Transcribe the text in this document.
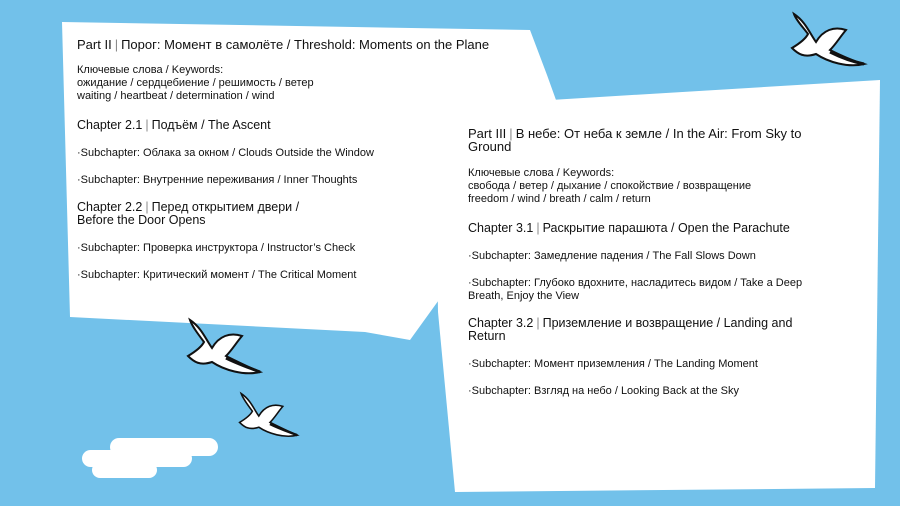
Part II | Порог: Момент в самолёте / Threshold: Moments on the Plane

Ключевые слова / Keywords:
ожидание / сердцебиение / решимость / ветер
waiting / heartbeat / determination / wind

Chapter 2.1 | Подъём / The Ascent

·Subchapter: Облака за окном / Clouds Outside the Window

·Subchapter: Внутренние переживания / Inner Thoughts

Chapter 2.2 | Перед открытием двери /
Before the Door Opens

·Subchapter: Проверка инструктора / Instructor’s Check

·Subchapter: Критический момент / The Critical Moment

Part III | В небе: От неба к земле / In the Air: From Sky to
Ground

Ключевые слова / Keywords:
свобода / ветер / дыхание / спокойствие / возвращение
freedom / wind / breath / calm / return

Chapter 3.1 | Раскрытие парашюта / Open the Parachute

·Subchapter: Замедление падения / The Fall Slows Down

·Subchapter: Глубоко вдохните, насладитесь видом / Take a Deep
Breath, Enjoy the View

Chapter 3.2 | Приземление и возвращение / Landing and
Return

·Subchapter: Момент приземления / The Landing Moment

·Subchapter: Взгляд на небо / Looking Back at the Sky
